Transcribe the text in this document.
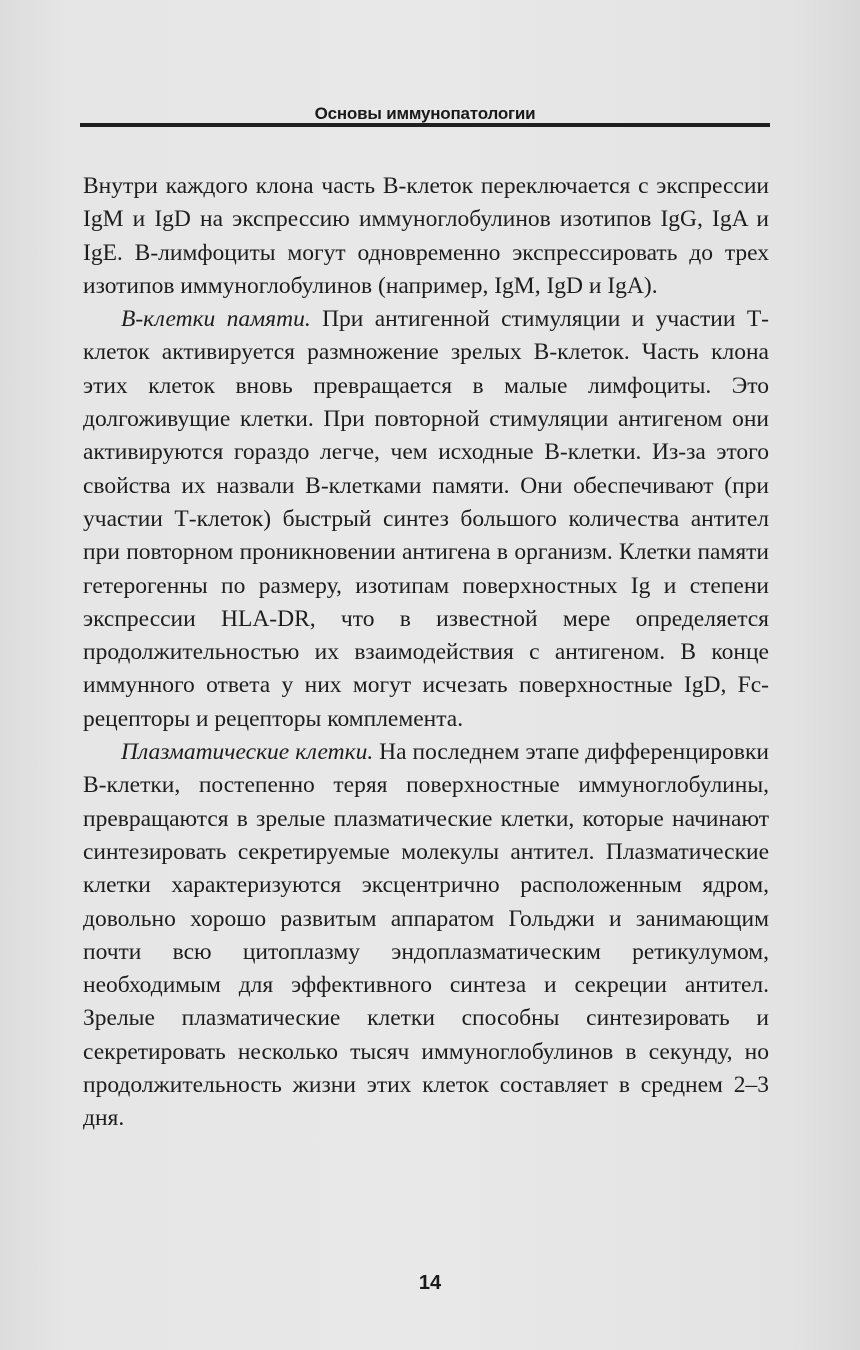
Основы иммунопатологии

Внутри каждого клона часть B-клеток переключается с экспрессии IgM и IgD на экспрессию иммуноглобулинов изотипов IgG, IgA и IgE. B-лимфоциты могут одновременно экспрессировать до трех изотипов иммуноглобулинов (например, IgM, IgD и IgA).

B-клетки памяти. При антигенной стимуляции и участии Т-клеток активируется размножение зрелых B-клеток. Часть клона этих клеток вновь превращается в малые лимфоциты. Это долгоживущие клетки. При повторной стимуляции антигеном они активируются гораздо легче, чем исходные B-клетки. Из-за этого свойства их назвали B-клетками памяти. Они обеспечивают (при участии Т-клеток) быстрый синтез большого количества антител при повторном проникновении антигена в организм. Клетки памяти гетерогенны по размеру, изотипам поверхностных Ig и степени экспрессии HLA-DR, что в известной мере определяется продолжительностью их взаимодействия с антигеном. В конце иммунного ответа у них могут исчезать поверхностные IgD, Fc-рецепторы и рецепторы комплемента.

Плазматические клетки. На последнем этапе дифференцировки B-клетки, постепенно теряя поверхностные иммуноглобулины, превращаются в зрелые плазматические клетки, которые начинают синтезировать секретируемые молекулы антител. Плазматические клетки характеризуются эксцентрично расположенным ядром, довольно хорошо развитым аппаратом Гольджи и занимающим почти всю цитоплазму эндоплазматическим ретикулумом, необходимым для эффективного синтеза и секреции антител. Зрелые плазматические клетки способны синтезировать и секретировать несколько тысяч иммуноглобулинов в секунду, но продолжительность жизни этих клеток составляет в среднем 2–3 дня.

14
